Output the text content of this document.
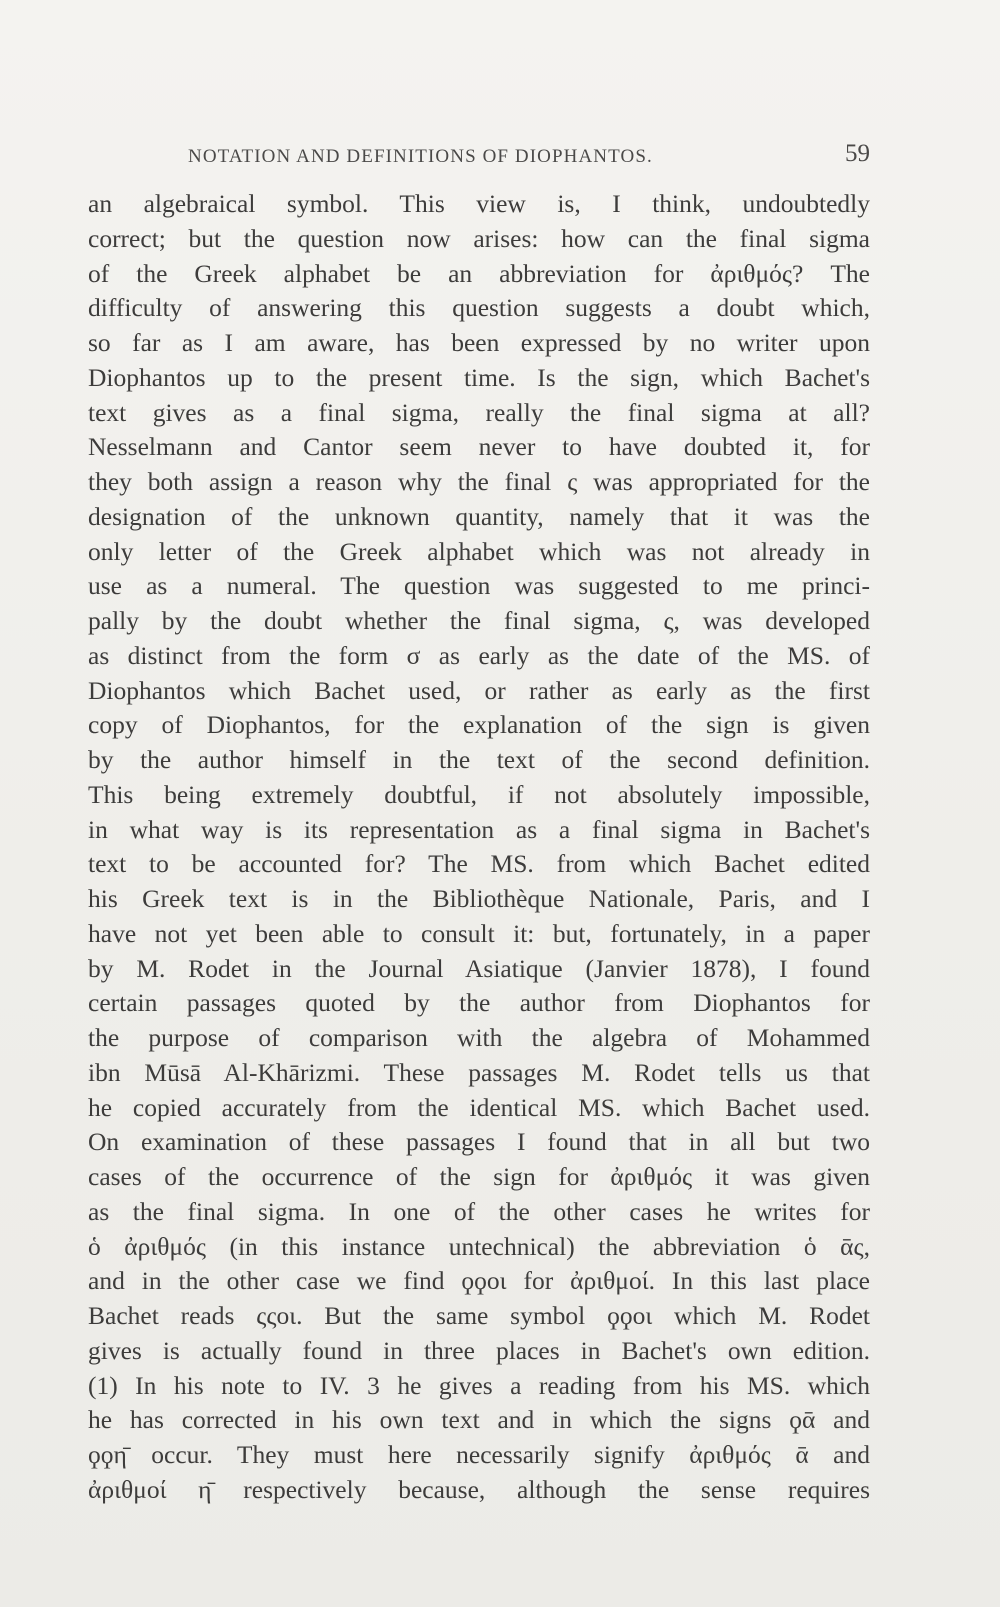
NOTATION AND DEFINITIONS OF DIOPHANTOS.	59
an algebraical symbol. This view is, I think, undoubtedly
correct; but the question now arises: how can the final sigma
of the Greek alphabet be an abbreviation for ἀριθμός? The
difficulty of answering this question suggests a doubt which,
so far as I am aware, has been expressed by no writer upon
Diophantos up to the present time. Is the sign, which Bachet's
text gives as a final sigma, really the final sigma at all?
Nesselmann and Cantor seem never to have doubted it, for
they both assign a reason why the final ς was appropriated for the
designation of the unknown quantity, namely that it was the
only letter of the Greek alphabet which was not already in
use as a numeral. The question was suggested to me princi-
pally by the doubt whether the final sigma, ς, was developed
as distinct from the form σ as early as the date of the MS. of
Diophantos which Bachet used, or rather as early as the first
copy of Diophantos, for the explanation of the sign is given
by the author himself in the text of the second definition.
This being extremely doubtful, if not absolutely impossible,
in what way is its representation as a final sigma in Bachet's
text to be accounted for? The MS. from which Bachet edited
his Greek text is in the Bibliothèque Nationale, Paris, and I
have not yet been able to consult it: but, fortunately, in a paper
by M. Rodet in the Journal Asiatique (Janvier 1878), I found
certain passages quoted by the author from Diophantos for
the purpose of comparison with the algebra of Mohammed
ibn Mūsā Al-Khārizmi. These passages M. Rodet tells us that
he copied accurately from the identical MS. which Bachet used.
On examination of these passages I found that in all but two
cases of the occurrence of the sign for ἀριθμός it was given
as the final sigma. In one of the other cases he writes for
ὁ ἀριθμός (in this instance untechnical) the abbreviation ὁ ᾱς,
and in the other case we find ϙϙοι for ἀριθμοί. In this last place
Bachet reads ςςοι. But the same symbol ϙϙοι which M. Rodet
gives is actually found in three places in Bachet's own edition.
(1) In his note to IV. 3 he gives a reading from his MS. which
he has corrected in his own text and in which the signs ϙᾱ and
ϙϙη̄ occur. They must here necessarily signify ἀριθμός ᾱ and
ἀριθμοί η̄ respectively because, although the sense requires
